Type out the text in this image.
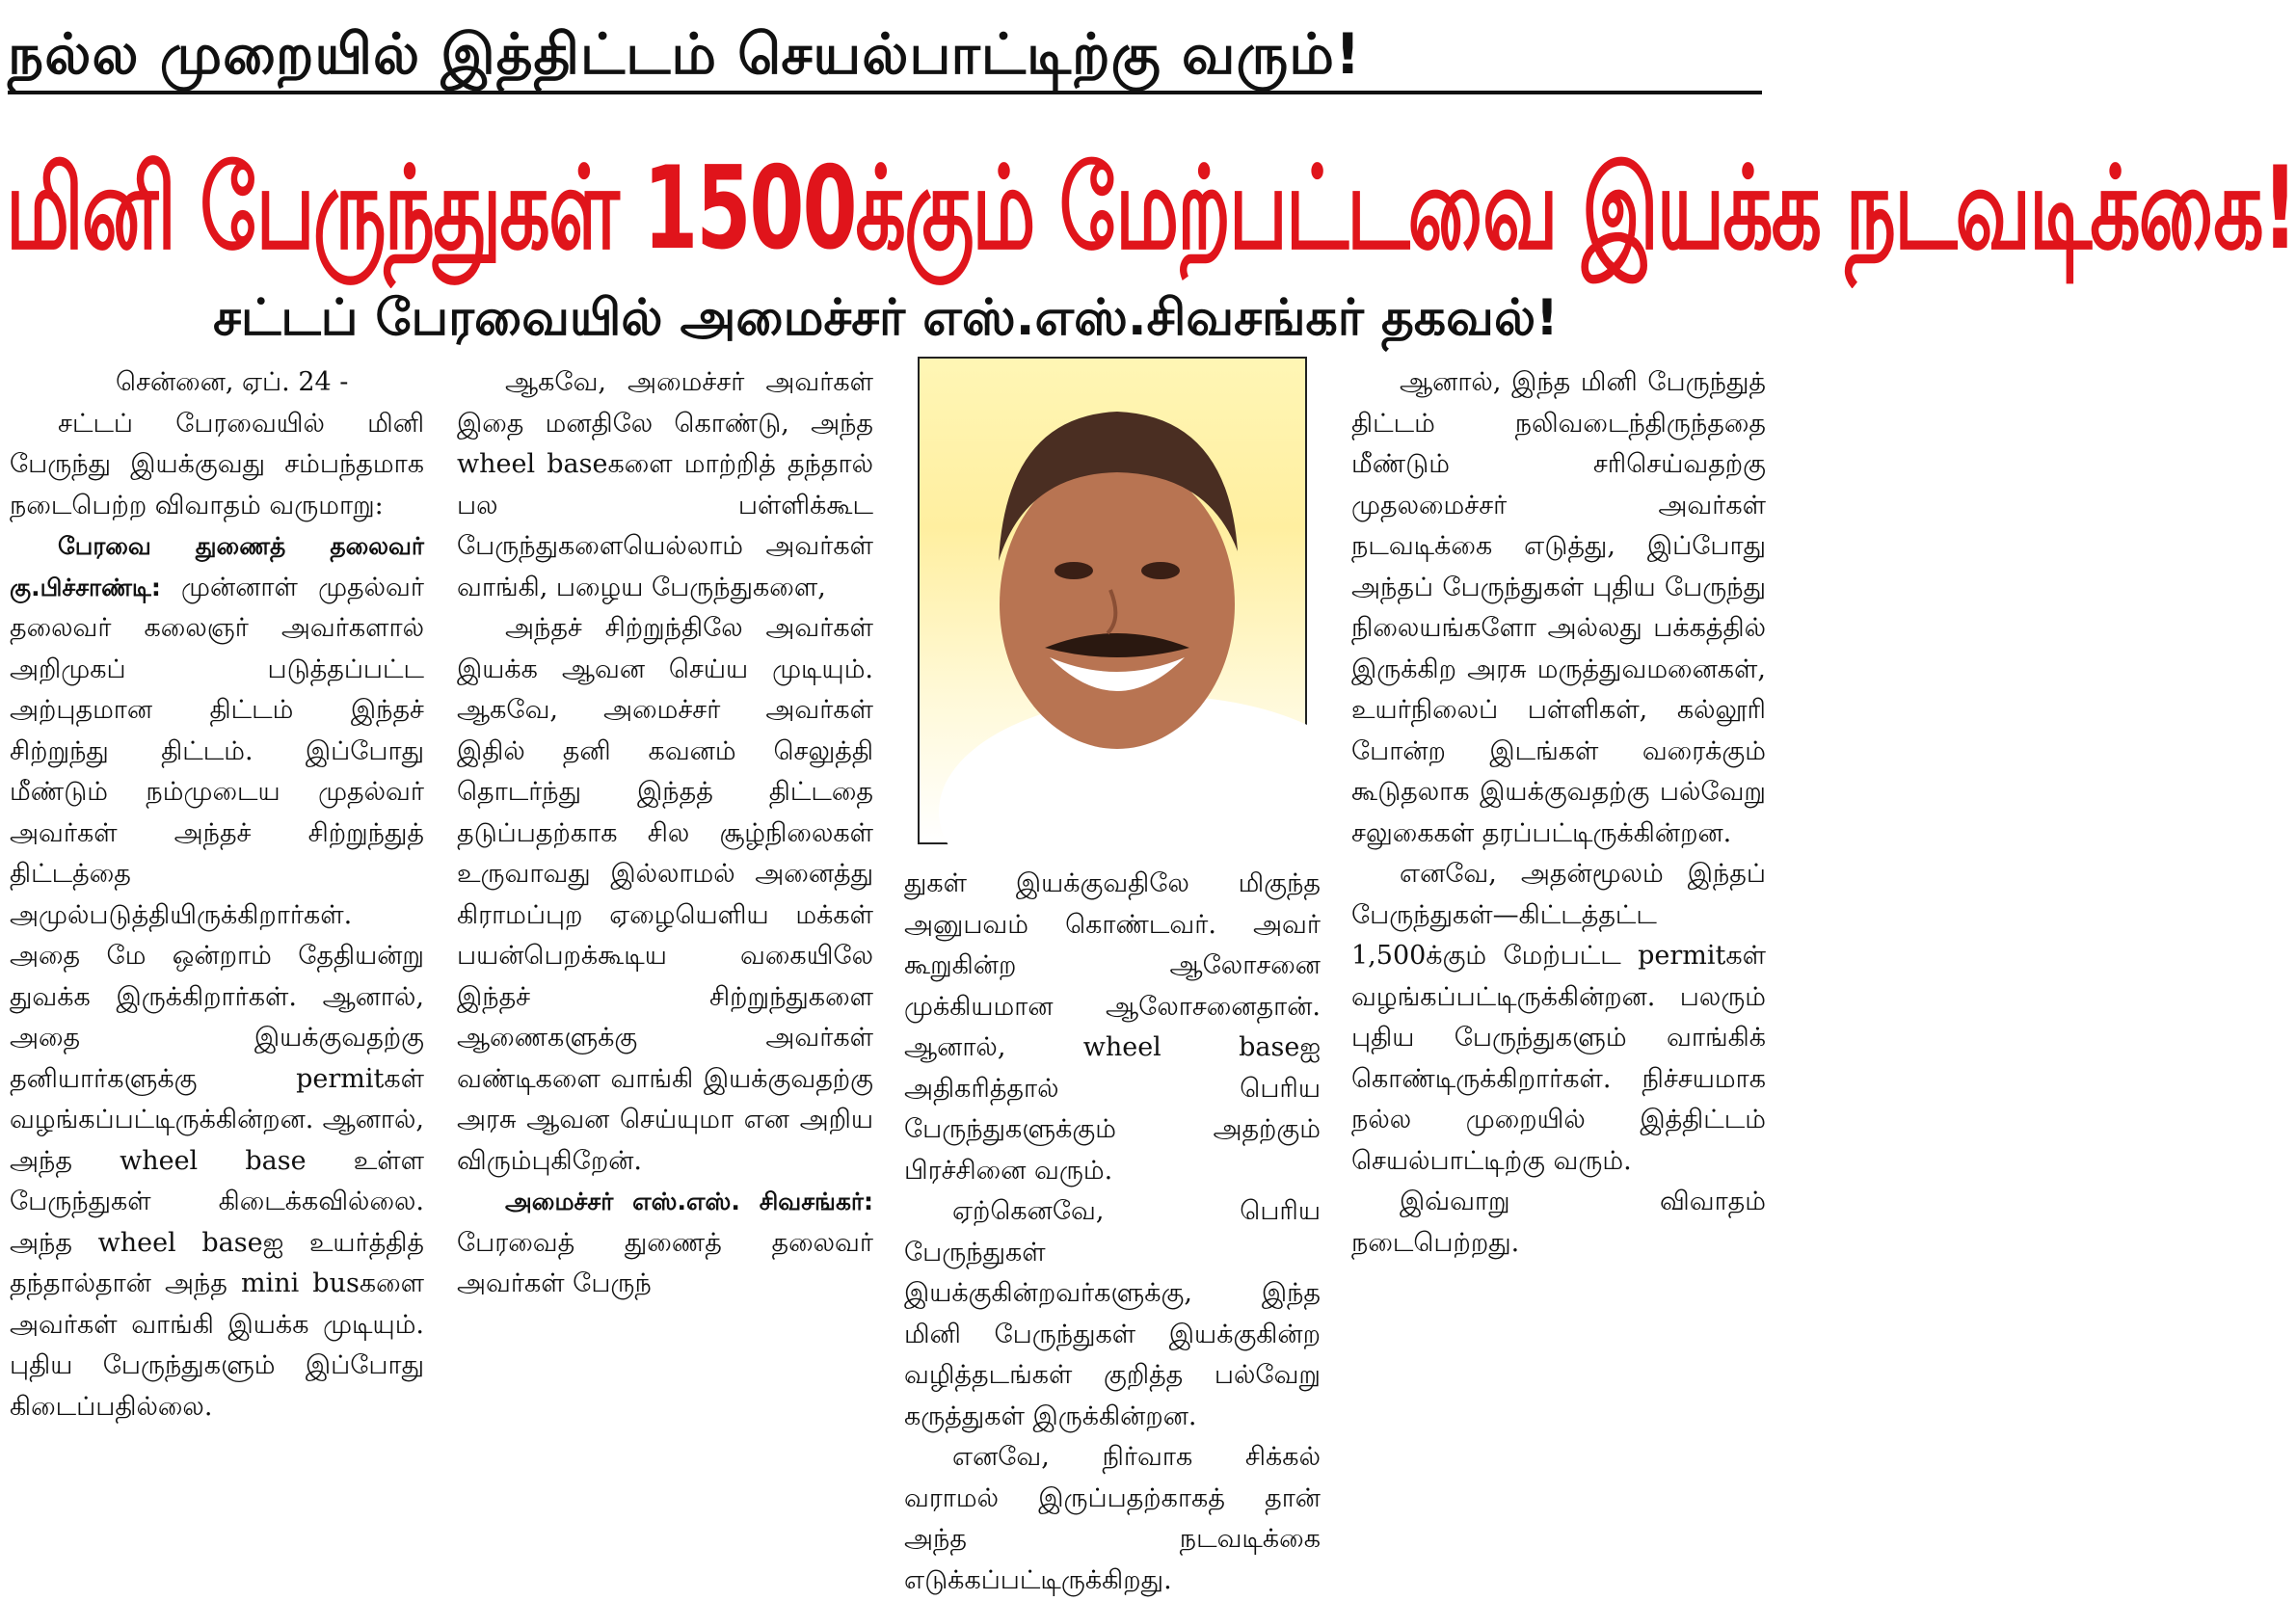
நல்ல முறையில் இத்திட்டம் செயல்பாட்டிற்கு வரும்!
மினி பேருந்துகள் 1500க்கும் மேற்பட்டவை இயக்க நடவடிக்கை!
சட்டப் பேரவையில் அமைச்சர் எஸ்.எஸ்.சிவசங்கர் தகவல்!

சென்னை, ஏப். 24 -

சட்டப் பேரவையில் மினி பேருந்து இயக்குவது சம்பந்தமாக நடைபெற்ற விவாதம் வருமாறு:

பேரவை துணைத் தலைவர் கு.பிச்சாண்டி: முன்னாள் முதல்வர் தலைவர் கலைஞர் அவர்களால் அறிமுகப் படுத்தப்பட்ட அற்புதமான திட்டம் இந்தச் சிற்றுந்து திட்டம். இப்போது மீண்டும் நம்முடைய முதல்வர் அவர்கள் அந்தச் சிற்றுந்துத் திட்டத்தை அமுல்படுத்தியிருக்கிறார்கள். அதை மே ஒன்றாம் தேதியன்று துவக்க இருக்கிறார்கள். ஆனால், அதை இயக்குவதற்கு தனியார்களுக்கு permitகள் வழங்கப்பட்டிருக்கின்றன. ஆனால், அந்த wheel base உள்ள பேருந்துகள் கிடைக்கவில்லை. அந்த wheel baseஐ உயர்த்தித் தந்தால்தான் அந்த mini busகளை அவர்கள் வாங்கி இயக்க முடியும். புதிய பேருந்துகளும் இப்போது கிடைப்பதில்லை.

ஆகவே, அமைச்சர் அவர்கள் இதை மனதிலே கொண்டு, அந்த wheel baseகளை மாற்றித் தந்தால் பல பள்ளிக்கூட பேருந்துகளையெல்லாம் அவர்கள் வாங்கி, பழைய பேருந்துகளை,

அந்தச் சிற்றுந்திலே அவர்கள் இயக்க ஆவன செய்ய முடியும். ஆகவே, அமைச்சர் அவர்கள் இதில் தனி கவனம் செலுத்தி தொடர்ந்து இந்தத் திட்டதை தடுப்பதற்காக சில சூழ்நிலைகள் உருவாவது இல்லாமல் அனைத்து கிராமப்புற ஏழையெளிய மக்கள் பயன்பெறக்கூடிய வகையிலே இந்தச் சிற்றுந்துகளை ஆணைகளுக்கு அவர்கள் வண்டிகளை வாங்கி இயக்குவதற்கு அரசு ஆவன செய்யுமா என அறிய விரும்புகிறேன்.

அமைச்சர் எஸ்.எஸ். சிவசங்கர்: பேரவைத் துணைத் தலைவர் அவர்கள் பேருந்

துகள் இயக்குவதிலே மிகுந்த அனுபவம் கொண்டவர். அவர் கூறுகின்ற ஆலோசனை முக்கியமான ஆலோசனைதான். ஆனால், wheel baseஐ அதிகரித்தால் பெரிய பேருந்துகளுக்கும் அதற்கும் பிரச்சினை வரும்.

ஏற்கெனவே, பெரிய பேருந்துகள் இயக்குகின்றவர்களுக்கு, இந்த மினி பேருந்துகள் இயக்குகின்ற வழித்தடங்கள் குறித்த பல்வேறு கருத்துகள் இருக்கின்றன.

எனவே, நிர்வாக சிக்கல் வராமல் இருப்பதற்காகத் தான் அந்த நடவடிக்கை எடுக்கப்பட்டிருக்கிறது.

ஆனால், இந்த மினி பேருந்துத் திட்டம் நலிவடைந்திருந்ததை மீண்டும் சரிசெய்வதற்கு முதலமைச்சர் அவர்கள் நடவடிக்கை எடுத்து, இப்போது அந்தப் பேருந்துகள் புதிய பேருந்து நிலையங்களோ அல்லது பக்கத்தில் இருக்கிற அரசு மருத்துவமனைகள், உயர்நிலைப் பள்ளிகள், கல்லூரி போன்ற இடங்கள் வரைக்கும் கூடுதலாக இயக்குவதற்கு பல்வேறு சலுகைகள் தரப்பட்டிருக்கின்றன.

எனவே, அதன்மூலம் இந்தப் பேருந்துகள்—கிட்டத்தட்ட 1,500க்கும் மேற்பட்ட permitகள் வழங்கப்பட்டிருக்கின்றன. பலரும் புதிய பேருந்துகளும் வாங்கிக் கொண்டிருக்கிறார்கள். நிச்சயமாக நல்ல முறையில் இத்திட்டம் செயல்பாட்டிற்கு வரும்.

இவ்வாறு விவாதம் நடைபெற்றது.
